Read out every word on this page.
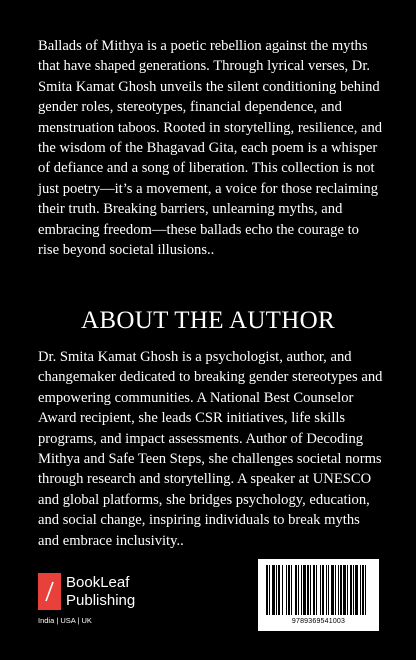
Ballads of Mithya is a poetic rebellion against the myths that have shaped generations. Through lyrical verses, Dr. Smita Kamat Ghosh unveils the silent conditioning behind gender roles, stereotypes, financial dependence, and menstruation taboos. Rooted in storytelling, resilience, and the wisdom of the Bhagavad Gita, each poem is a whisper of defiance and a song of liberation. This collection is not just poetry—it’s a movement, a voice for those reclaiming their truth. Breaking barriers, unlearning myths, and embracing freedom—these ballads echo the courage to rise beyond societal illusions..

ABOUT THE AUTHOR

Dr. Smita Kamat Ghosh is a psychologist, author, and changemaker dedicated to breaking gender stereotypes and empowering communities. A National Best Counselor Award recipient, she leads CSR initiatives, life skills programs, and impact assessments. Author of Decoding Mithya and Safe Teen Steps, she challenges societal norms through research and storytelling. A speaker at UNESCO and global platforms, she bridges psychology, education, and social change, inspiring individuals to break myths and embrace inclusivity..

BookLeaf
Publishing
India | USA | UK	9789369541003
